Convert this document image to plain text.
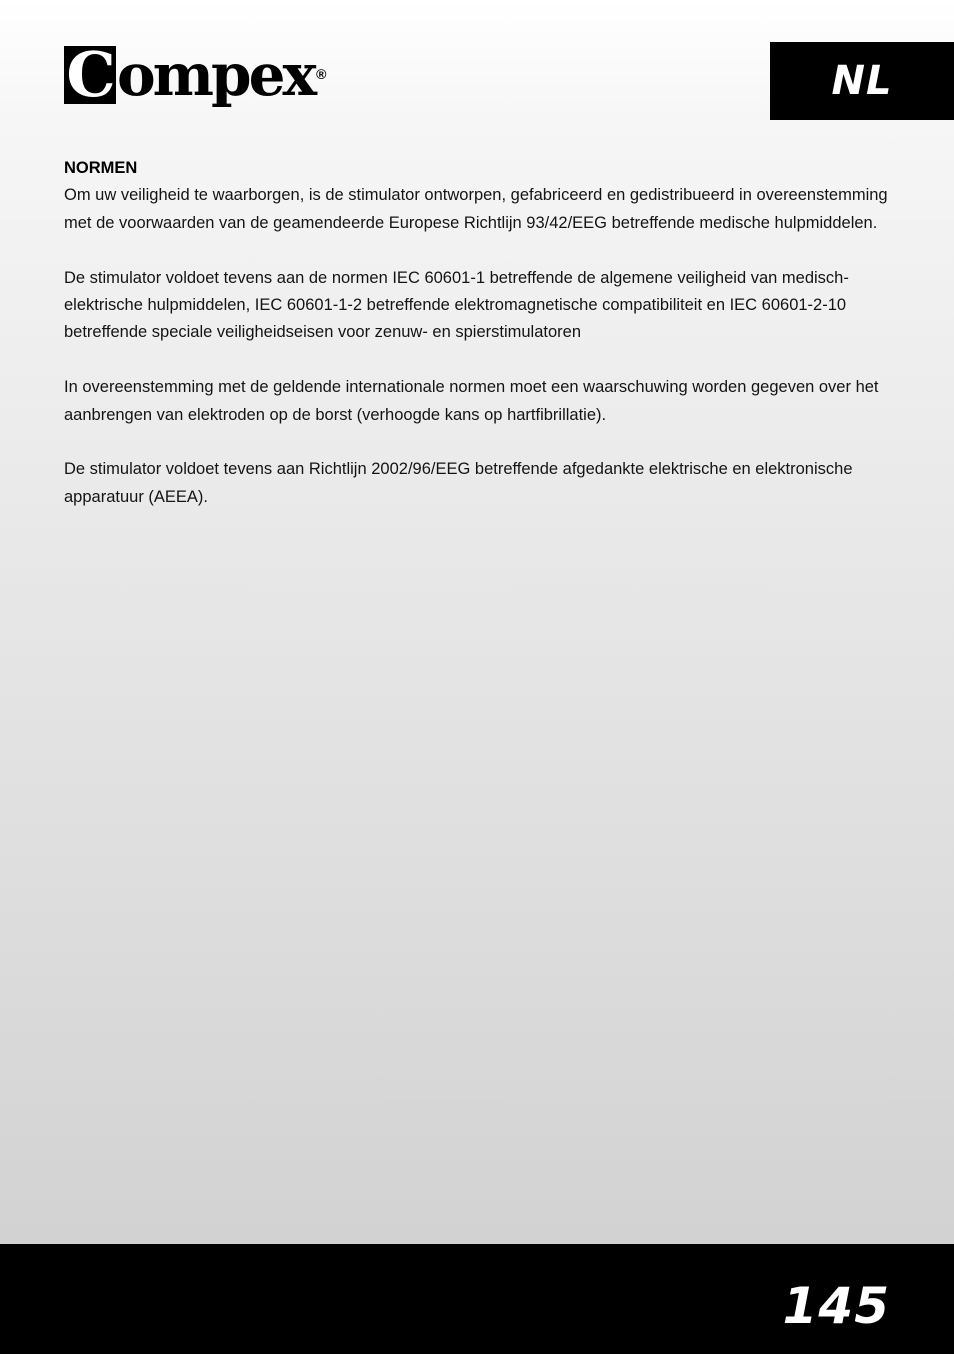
C ompex ®	NL
NORMEN

Om uw veiligheid te waarborgen, is de stimulator ontworpen, gefabriceerd en gedistribueerd in overeenstemming met de voorwaarden van de geamendeerde Europese Richtlijn 93/42/EEG betreffende medische hulpmiddelen.

De stimulator voldoet tevens aan de normen IEC 60601-1 betreffende de algemene veiligheid van medisch-elektrische hulpmiddelen, IEC 60601-1-2 betreffende elektromagnetische compatibiliteit en IEC 60601-2-10 betreffende speciale veiligheidseisen voor zenuw- en spierstimulatoren

In overeenstemming met de geldende internationale normen moet een waarschuwing worden gegeven over het aanbrengen van elektroden op de borst (verhoogde kans op hartfibrillatie).

De stimulator voldoet tevens aan Richtlijn 2002/96/EEG betreffende afgedankte elektrische en elektronische apparatuur (AEEA).

145
